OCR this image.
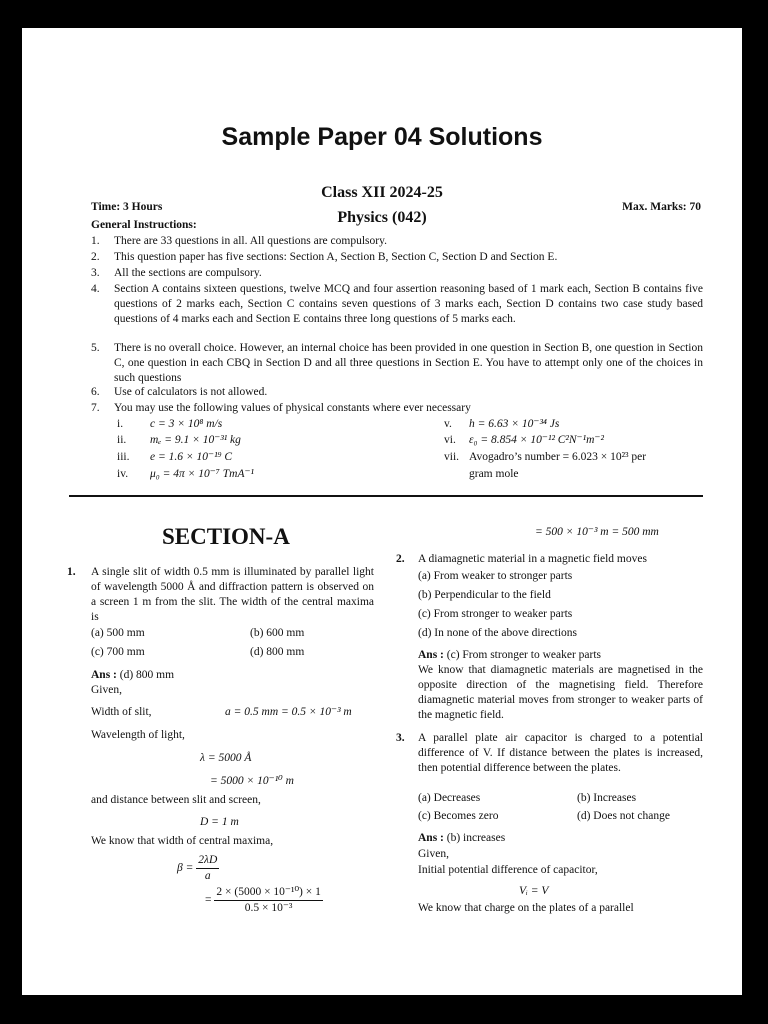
Sample Paper 04 Solutions
Class XII 2024-25
Physics (042)
Time: 3 Hours	Max. Marks: 70
General Instructions:
1. There are 33 questions in all. All questions are compulsory.
2. This question paper has five sections: Section A, Section B, Section C, Section D and Section E.
3. All the sections are compulsory.
4. Section A contains sixteen questions, twelve MCQ and four assertion reasoning based of 1 mark each, Section B contains five questions of 2 marks each, Section C contains seven questions of 3 marks each, Section D contains two case study based questions of 4 marks each and Section E contains three long questions of 5 marks each.
5. There is no overall choice. However, an internal choice has been provided in one question in Section B, one question in Section C, one question in each CBQ in Section D and all three questions in Section E. You have to attempt only one of the choices in such questions
6. Use of calculators is not allowed.
7. You may use the following values of physical constants where ever necessary
i. c = 3 × 10⁸ m/s
ii. mₑ = 9.1 × 10⁻³¹ kg
iii. e = 1.6 × 10⁻¹⁹ C
iv. μ₀ = 4π × 10⁻⁷ TmA⁻¹
v. h = 6.63 × 10⁻³⁴ Js
vi. ε₀ = 8.854 × 10⁻¹² C²N⁻¹m⁻²
vii. Avogadro’s number = 6.023 × 10²³ per
gram mole
SECTION-A
1. A single slit of width 0.5 mm is illuminated by parallel light of wavelength 5000 Å and diffraction pattern is observed on a screen 1 m from the slit. The width of the central maxima is
(a) 500 mm	(b) 600 mm
(c) 700 mm	(d) 800 mm
Ans : (d) 800 mm
Given,
Width of slit,	a = 0.5 mm = 0.5 × 10⁻³ m
Wavelength of light,
λ = 5000 Å
= 5000 × 10⁻¹⁰ m
and distance between slit and screen,
D = 1 m
We know that width of central maxima,
$\beta = \frac{2\lambda D}{a}$
= $\frac{\text{2 × (5000 × 10⁻¹⁰) × 1}}{\text{0.5 × 10⁻³}}$
= 500 × 10⁻³ m = 500 mm
2. A diamagnetic material in a magnetic field moves
(a) From weaker to stronger parts
(b) Perpendicular to the field
(c) From stronger to weaker parts
(d) In none of the above directions
Ans : (c) From stronger to weaker parts
We know that diamagnetic materials are magnetised in the opposite direction of the magnetising field. Therefore diamagnetic material moves from stronger to weaker parts of the magnetic field.
3. A parallel plate air capacitor is charged to a potential difference of V. If distance between the plates is increased, then potential difference between the plates.
(a) Decreases	(b) Increases
(c) Becomes zero	(d) Does not change
Ans : (b) increases
Given,
Initial potential difference of capacitor,
Vᵢ = V
We know that charge on the plates of a parallel
